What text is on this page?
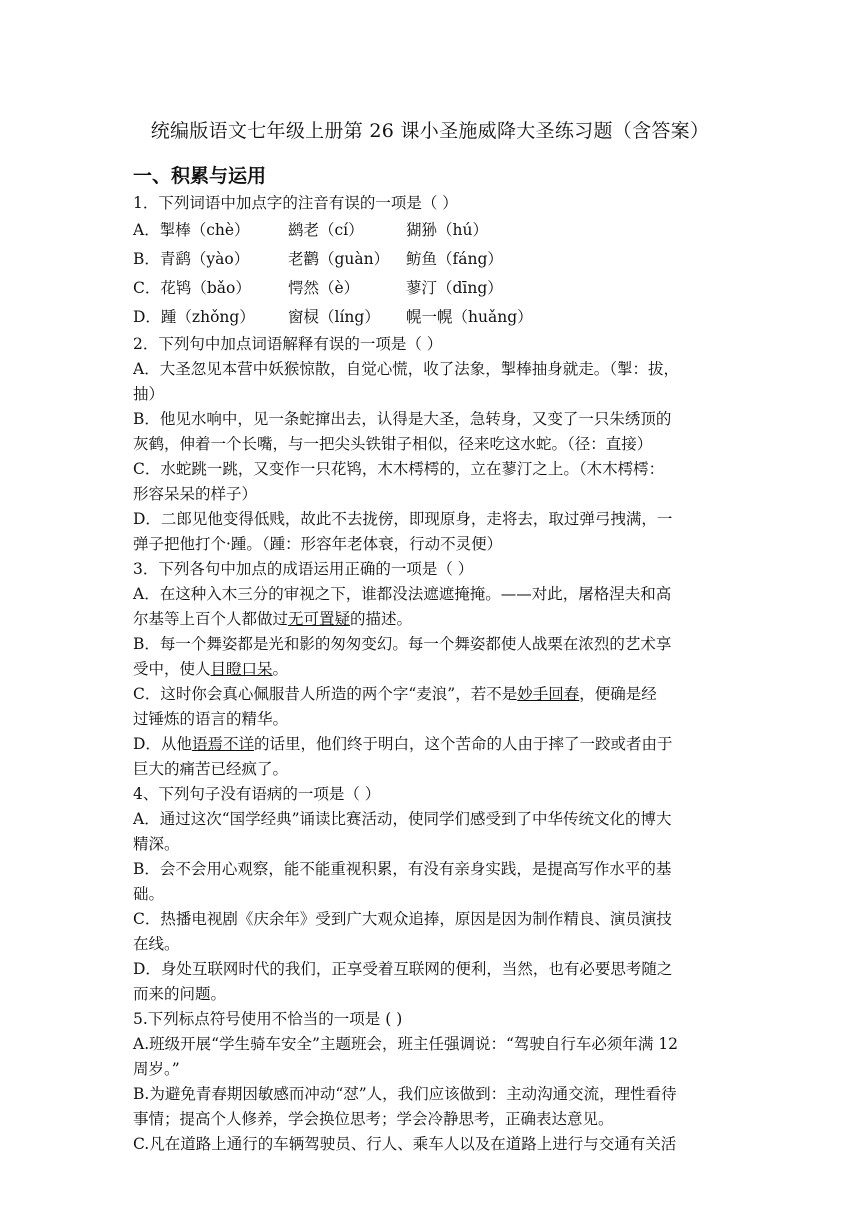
统编版语文七年级上册第 26 课小圣施威降大圣练习题（含答案）
一、积累与运用

1．下列词语中加点字的注音有误的一项是（ ）

A．掣棒（chè）	鹚老（cí）	猢狲（hú）
B．青鹞（yào）	老鹳（guàn）	鲂鱼（fáng）
C．花鸨（bǎo）	愕然（è）	蓼汀（dīng）
D．踵（zhǒng）	窗棂（líng）	幌一幌（huǎng）

2．下列句中加点词语解释有误的一项是（ ）

A．大圣忽见本营中妖猴惊散，自觉心慌，收了法象，掣棒抽身就走。（掣：拔，

抽）

B．他见水响中，见一条蛇撺出去，认得是大圣，急转身，又变了一只朱绣顶的

灰鹤，伸着一个长嘴，与一把尖头铁钳子相似，径来吃这水蛇。（径：直接）

C．水蛇跳一跳，又变作一只花鸨，木木樗樗的，立在蓼汀之上。（木木樗樗：

形容呆呆的样子）

D．二郎见他变得低贱，故此不去拢傍，即现原身，走将去，取过弹弓拽满，一

弹子把他打个·踵。（踵：形容年老体衰，行动不灵便）

3．下列各句中加点的成语运用正确的一项是（ ）

A．在这种入木三分的审视之下，谁都没法遮遮掩掩。——对此，屠格涅夫和高

尔基等上百个人都做过无可置疑的描述。

B．每一个舞姿都是光和影的匆匆变幻。每一个舞姿都使人战栗在浓烈的艺术享

受中，使人目瞪口呆。

C．这时你会真心佩服昔人所造的两个字“麦浪”，若不是妙手回春，便确是经

过锤炼的语言的精华。

D．从他语焉不详的话里，他们终于明白，这个苦命的人由于摔了一跤或者由于

巨大的痛苦已经疯了。

4、下列句子没有语病的一项是（ ）

A．通过这次“国学经典”诵读比赛活动，使同学们感受到了中华传统文化的博大

精深。

B．会不会用心观察，能不能重视积累，有没有亲身实践，是提高写作水平的基

础。

C．热播电视剧《庆余年》受到广大观众追捧，原因是因为制作精良、演员演技

在线。

D．身处互联网时代的我们，正享受着互联网的便利，当然，也有必要思考随之

而来的问题。

5.下列标点符号使用不恰当的一项是 ( )

A.班级开展“学生骑车安全”主题班会，班主任强调说：“驾驶自行车必须年满 12

周岁。”

B.为避免青春期因敏感而冲动“怼”人，我们应该做到：主动沟通交流，理性看待

事情；提高个人修养，学会换位思考；学会冷静思考，正确表达意见。

C.凡在道路上通行的车辆驾驶员、行人、乘车人以及在道路上进行与交通有关活
